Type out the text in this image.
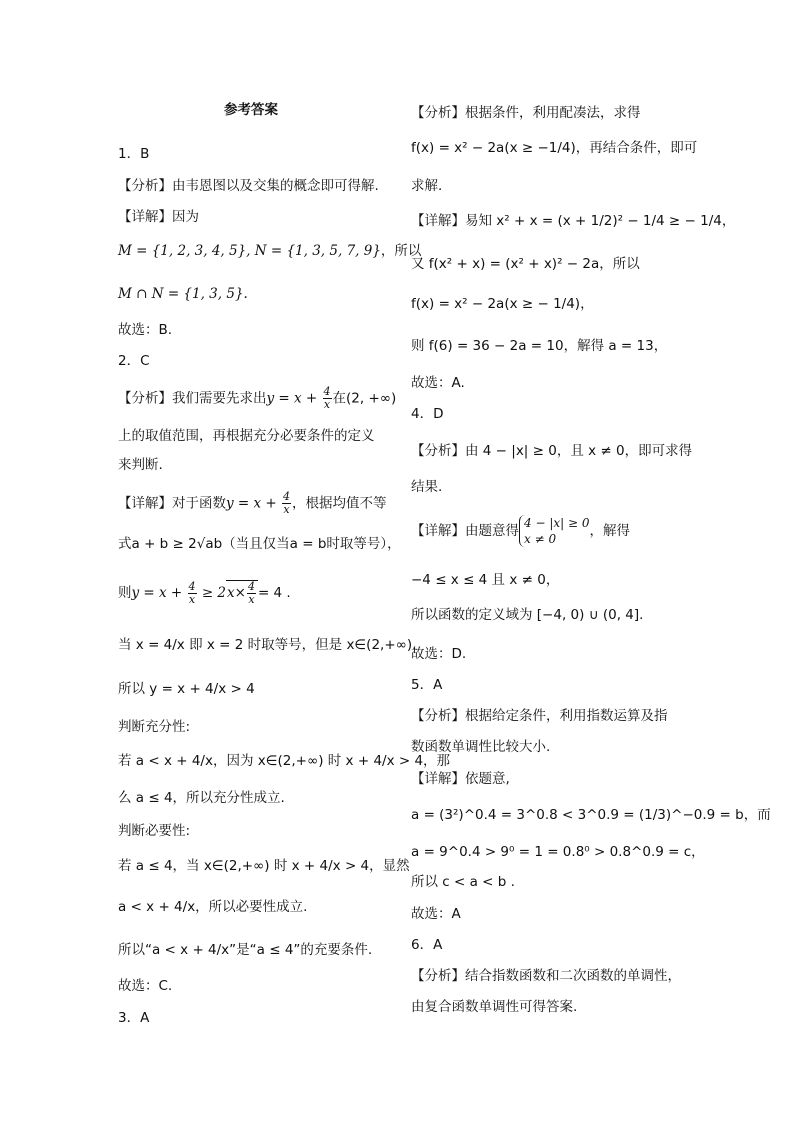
参考答案
1．B
【分析】由韦恩图以及交集的概念即可得解.
【详解】因为
M = {1, 2, 3, 4, 5}, N = {1, 3, 5, 7, 9}，所以
M ∩ N = {1, 3, 5}.
故选：B.
2．C
【分析】我们需要先求出$y = x + \frac{4}{x}$ 在(2, +∞)
上的取值范围，再根据充分必要条件的定义
来判断.
【详解】对于函数$y = x + \frac{4}{x}$ ，根据均值不等
式a + b ≥ 2√ab（当且仅当a = b时取等号），
则$y = x + \frac{4}{x} \ge 2x\times \frac{4}{x} = 4$ .
当 x = 4/x 即 x = 2 时取等号，但是 x∈(2,+∞)，
所以 y = x + 4/x > 4
判断充分性:
若 a < x + 4/x，因为 x∈(2,+∞) 时 x + 4/x > 4，那
么 a ≤ 4，所以充分性成立.
判断必要性:
若 a ≤ 4，当 x∈(2,+∞) 时 x + 4/x > 4，显然
a < x + 4/x，所以必要性成立.
所以“a < x + 4/x”是“a ≤ 4”的充要条件.
故选：C.
3．A
【分析】根据条件，利用配凑法，求得
f(x) = x² − 2a(x ≥ −1/4)，再结合条件，即可
求解.
【详解】易知 x² + x = (x + 1/2)² − 1/4 ≥ − 1/4，
又 f(x² + x) = (x² + x)² − 2a，所以
f(x) = x² − 2a(x ≥ − 1/4)，
则 f(6) = 36 − 2a = 10，解得 a = 13，
故选：A.
4．D
【分析】由 4 − |x| ≥ 0，且 x ≠ 0，即可求得
结果.
【详解】由题意得 4 − |x| ≥ 0
x ≠ 0	，解得
−4 ≤ x ≤ 4 且 x ≠ 0，
所以函数的定义域为 [−4, 0) ∪ (0, 4].
故选：D.
5．A
【分析】根据给定条件，利用指数运算及指
数函数单调性比较大小.
【详解】依题意,
a = (3²)^0.4 = 3^0.8 < 3^0.9 = (1/3)^−0.9 = b，而
a = 9^0.4 > 9⁰ = 1 = 0.8⁰ > 0.8^0.9 = c，
所以 c < a < b .
故选：A
6．A
【分析】结合指数函数和二次函数的单调性，
由复合函数单调性可得答案.
